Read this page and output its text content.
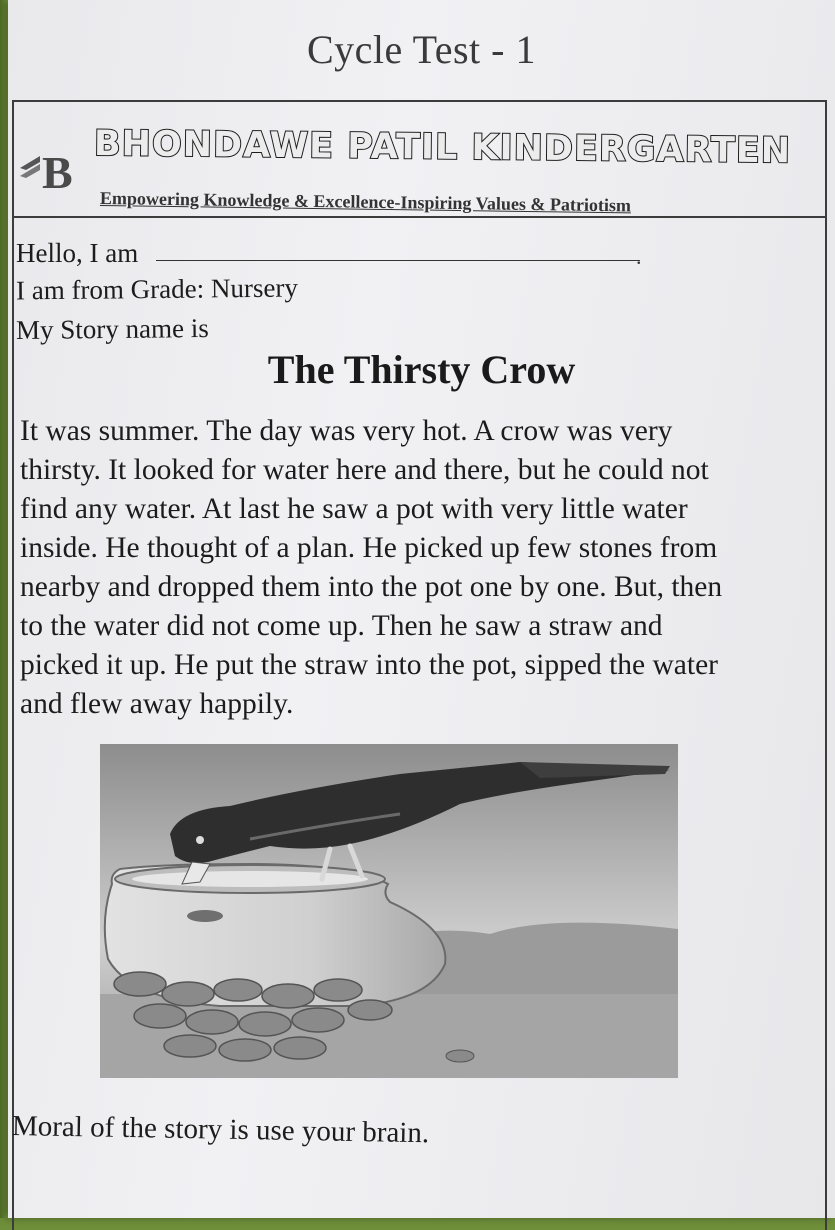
Cycle Test - 1
B BHONDAWE PATIL KINDERGARTEN
Empowering Knowledge & Excellence-Inspiring Values & Patriotism
Hello, I am	.
I am from Grade: Nursery
My Story name is
The Thirsty Crow

It was summer. The day was very hot. A crow was very

thirsty. It looked for water here and there, but he could not

find any water. At last he saw a pot with very little water

inside. He thought of a plan. He picked up few stones from

nearby and dropped them into the pot one by one. But, then

to the water did not come up. Then he saw a straw and

picked it up. He put the straw into the pot, sipped the water

and flew away happily.

Moral of the story is use your brain.
